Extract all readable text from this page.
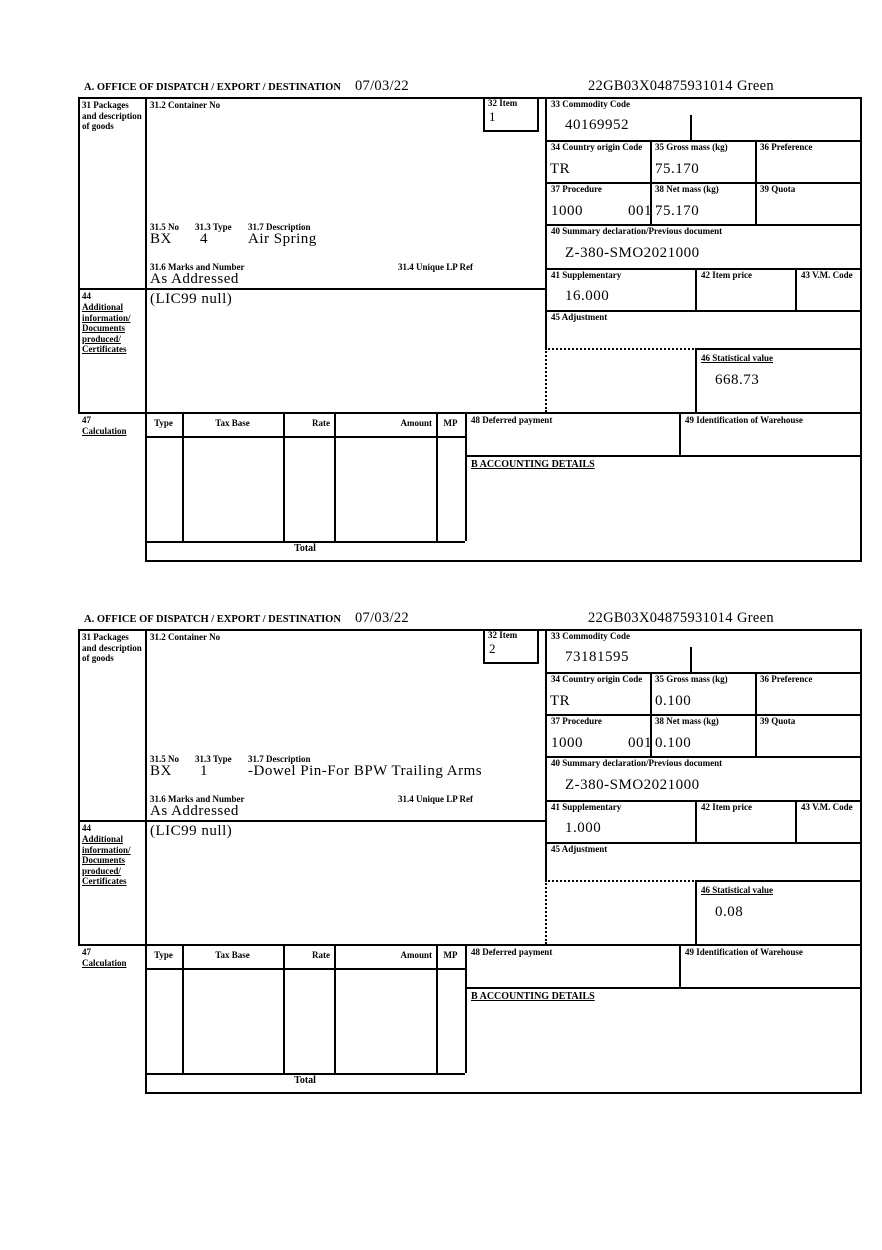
A. OFFICE OF DISPATCH / EXPORT / DESTINATION 07/03/22	22GB03X04875931014 Green
31 Packages and description of goods
44
Additional information/ Documents produced/ Certificates
47
Calculation
31.2 Container No	32 Item
1
31.5 No 31.3 Type 31.7 Description
BX 4	Air Spring
31.6 Marks and Number	31.4 Unique LP Ref
As Addressed
(LIC99 null)
33 Commodity Code
40169952
34 Country origin Code
TR
35 Gross mass (kg)
75.170
36 Preference
37 Procedure
1000	001
38 Net mass (kg)
75.170
39 Quota
40 Summary declaration/Previous document
Z-380-SMO2021000
41 Supplementary
16.000
42 Item price	43 V.M. Code
45 Adjustment
46 Statistical value
668.73
Type	Tax Base	Rate	Amount	MP
Total
48 Deferred payment	49 Identification of Warehouse
B ACCOUNTING DETAILS
A. OFFICE OF DISPATCH / EXPORT / DESTINATION 07/03/22	22GB03X04875931014 Green
31 Packages and description of goods
44
Additional information/ Documents produced/ Certificates
47
Calculation
31.2 Container No	32 Item
2
31.5 No 31.3 Type 31.7 Description
BX 1	-Dowel Pin-For BPW Trailing Arms
31.6 Marks and Number	31.4 Unique LP Ref
As Addressed
(LIC99 null)
33 Commodity Code
73181595
34 Country origin Code
TR
35 Gross mass (kg)
0.100
36 Preference
37 Procedure
1000	001
38 Net mass (kg)
0.100
39 Quota
40 Summary declaration/Previous document
Z-380-SMO2021000
41 Supplementary
1.000
42 Item price	43 V.M. Code
45 Adjustment
46 Statistical value
0.08
Type	Tax Base	Rate	Amount	MP
Total
48 Deferred payment	49 Identification of Warehouse
B ACCOUNTING DETAILS
